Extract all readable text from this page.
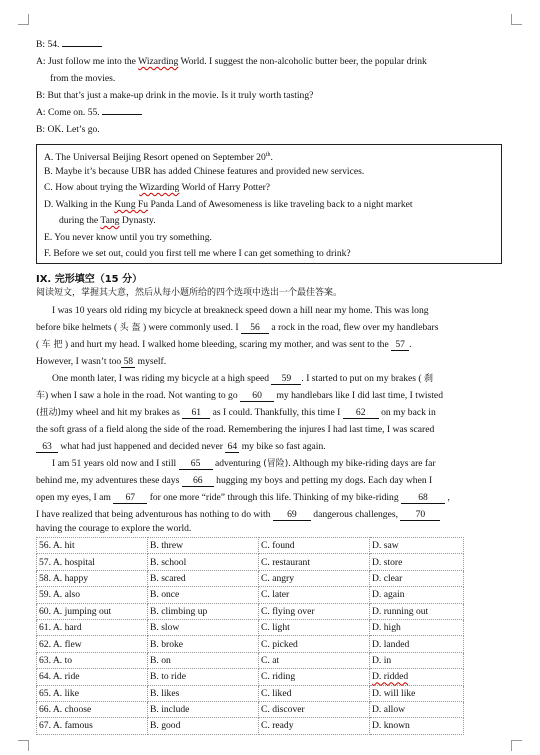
B: 54.
A: Just follow me into the Wizarding World. I suggest the non-alcoholic butter beer, the popular drink
from the movies.
B: But that’s just a make-up drink in the movie. Is it truly worth tasting?
A: Come on. 55.
B: OK. Let’s go.
A. The Universal Beijing Resort opened on September 20th.
B. Maybe it’s because UBR has added Chinese features and provided new services.
C. How about trying the Wizarding World of Harry Potter?
D. Walking in the Kung Fu Panda Land of Awesomeness is like traveling back to a night market
during the Tang Dynasty.
E. You never know until you try something.
F. Before we set out, could you first tell me where I can get something to drink?
IX. 完形填空（15 分）
阅读短文，掌握其大意，然后从每小题所给的四个选项中选出一个最佳答案。
I was 10 years old riding my bicycle at breakneck speed down a hill near my home. This was long
before bike helmets ( 头 盔 ) were commonly used. I 56 a rock in the road, flew over my handlebars
( 车 把 ) and hurt my head. I walked home bleeding, scaring my mother, and was sent to the 57 .
However, I wasn’t too 58 myself.
One month later, I was riding my bicycle at a high speed 59 . I started to put on my brakes ( 刹
车) when I saw a hole in the road. Not wanting to go 60 my handlebars like I did last time, I twisted
(扭动)my wheel and hit my brakes as 61 as I could. Thankfully, this time I 62 on my back in
the soft grass of a field along the side of the road. Remembering the injures I had last time, I was scared
63 what had just happened and decided never 64 my bike so fast again.
I am 51 years old now and I still 65 adventuring (冒险). Although my bike-riding days are far
behind me, my adventures these days 66 hugging my boys and petting my dogs. Each day when I
open my eyes, I am 67 for one more “ride” through this life. Thinking of my bike-riding 68 ,
I have realized that being adventurous has nothing to do with 69 dangerous challenges, 70
having the courage to explore the world.
56. A. hit	B. threw	C. found	D. saw
57. A. hospital	B. school	C. restaurant	D. store
58. A. happy	B. scared	C. angry	D. clear
59. A. also	B. once	C. later	D. again
60. A. jumping out	B. climbing up	C. flying over	D. running out
61. A. hard	B. slow	C. light	D. high
62. A. flew	B. broke	C. picked	D. landed
63. A. to	B. on	C. at	D. in
64. A. ride	B. to ride	C. riding	D. ridded
65. A. like	B. likes	C. liked	D. will like
66. A. choose	B. include	C. discover	D. allow
67. A. famous	B. good	C. ready	D. known
